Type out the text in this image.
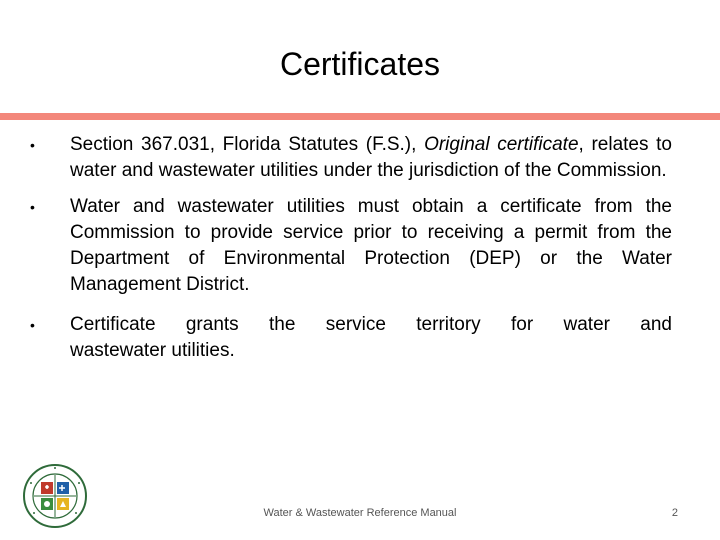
Certificates
• Section 367.031, Florida Statutes (F.S.), Original certificate, relates to water and wastewater utilities under the jurisdiction of the Commission.
• Water and wastewater utilities must obtain a certificate from the Commission to provide service prior to receiving a permit from the Department of Environmental Protection (DEP) or the Water Management District.
• Certificate grants the service territory for water and
wastewater utilities.
Water & Wastewater Reference Manual	2
